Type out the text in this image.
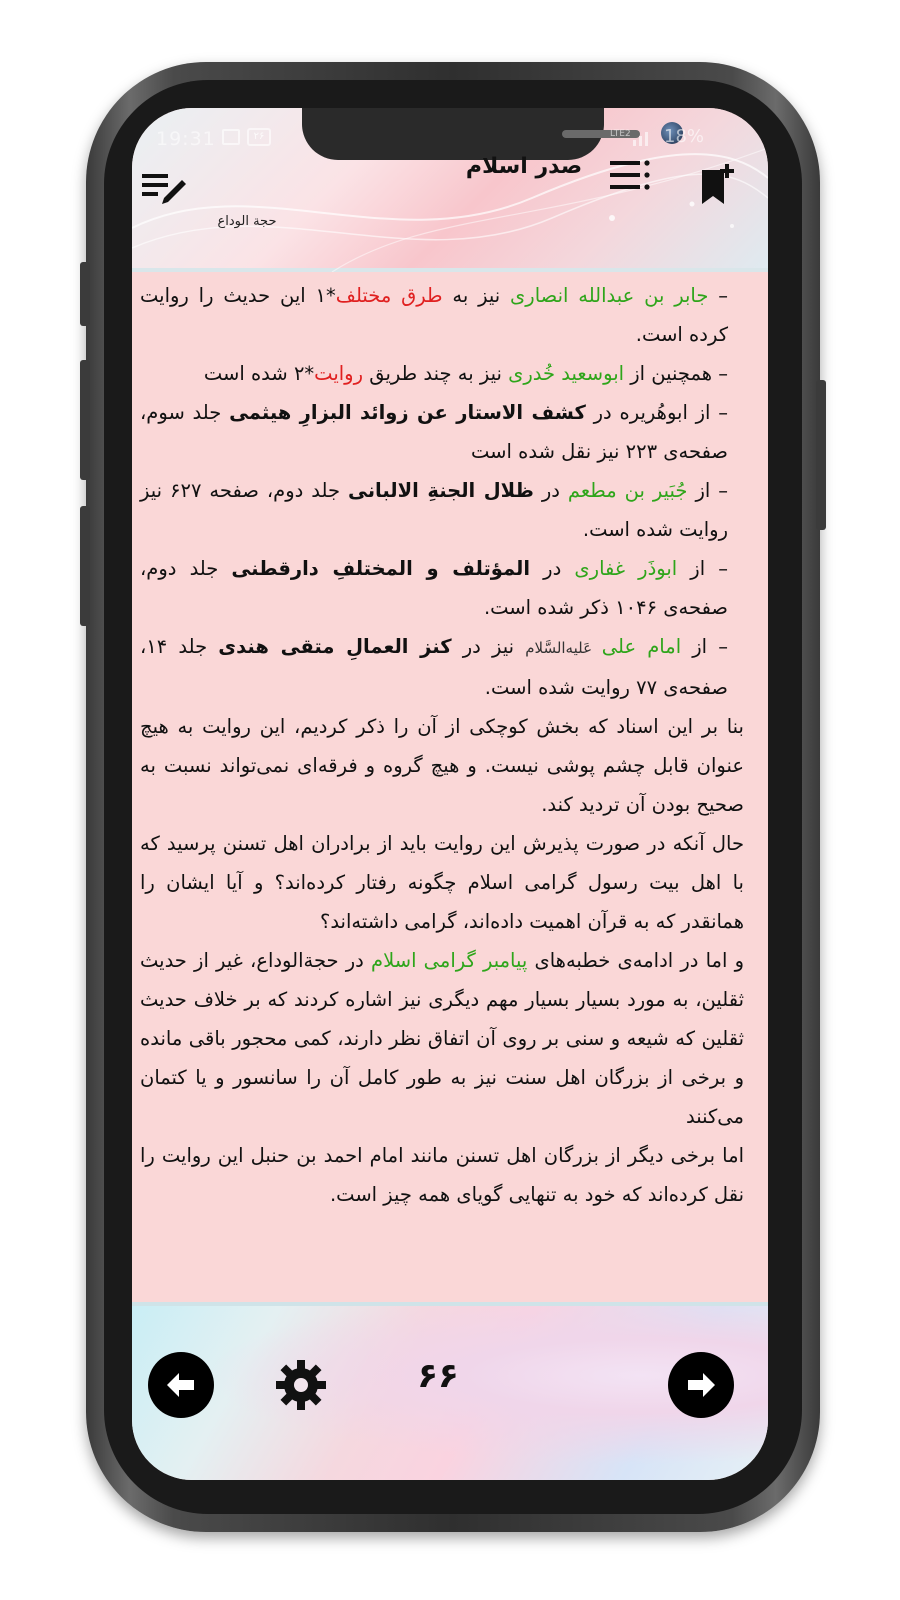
19:31	۲۶	LTE2 18%
حجة الوداع
صدر اسلام

– جابر بن عبدالله انصاری نیز به طرق مختلف*۱ این حدیث را روایت کرده است.

– همچنین از ابوسعید خُدری نیز به چند طریق روایت*۲ شده است

– از ابوهُریره در کشف الاستار عن زوائد البزارِ هیثمی جلد سوم، صفحه‌ی ۲۲۳ نیز نقل شده است

– از جُبَیر بن مطعم در ظلال الجنةِ الالبانی جلد دوم، صفحه ۶۲۷ نیز روایت شده است.

– از ابوذَر غفاری در المؤتلف و المختلفِ دارقطنی جلد دوم، صفحه‌ی ۱۰۴۶ ذکر شده است.

– از امام علی عَلیه‌السَّلام نیز در کنز العمالِ متقی هندی جلد ۱۴، صفحه‌ی ۷۷ روایت شده است.

بنا بر این اسناد که بخش کوچکی از آن را ذکر کردیم، این روایت به هیچ عنوان قابل چشم پوشی نیست. و هیچ گروه و فرقه‌ای نمی‌تواند نسبت به صحیح بودن آن تردید کند.

حال آنکه در صورت پذیرش این روایت باید از برادران اهل تسنن پرسید که با اهل بیت رسول گرامی اسلام چگونه رفتار کرده‌اند؟ و آیا ایشان را همانقدر که به قرآن اهمیت داده‌اند، گرامی داشته‌اند؟

و اما در ادامه‌ی خطبه‌های پیامبر گرامی اسلام در حجةالوداع، غیر از حدیث ثقلین، به مورد بسیار بسیار مهم دیگری نیز اشاره کردند که بر خلاف حدیث ثقلین که شیعه و سنی بر روی آن اتفاق نظر دارند، کمی محجور باقی مانده و برخی از بزرگان اهل سنت نیز به طور کامل آن را سانسور و یا کتمان می‌کنند

اما برخی دیگر از بزرگان اهل تسنن مانند امام احمد بن حنبل این روایت را نقل کرده‌اند که خود به تنهایی گویای همه چیز است.

۶۶
